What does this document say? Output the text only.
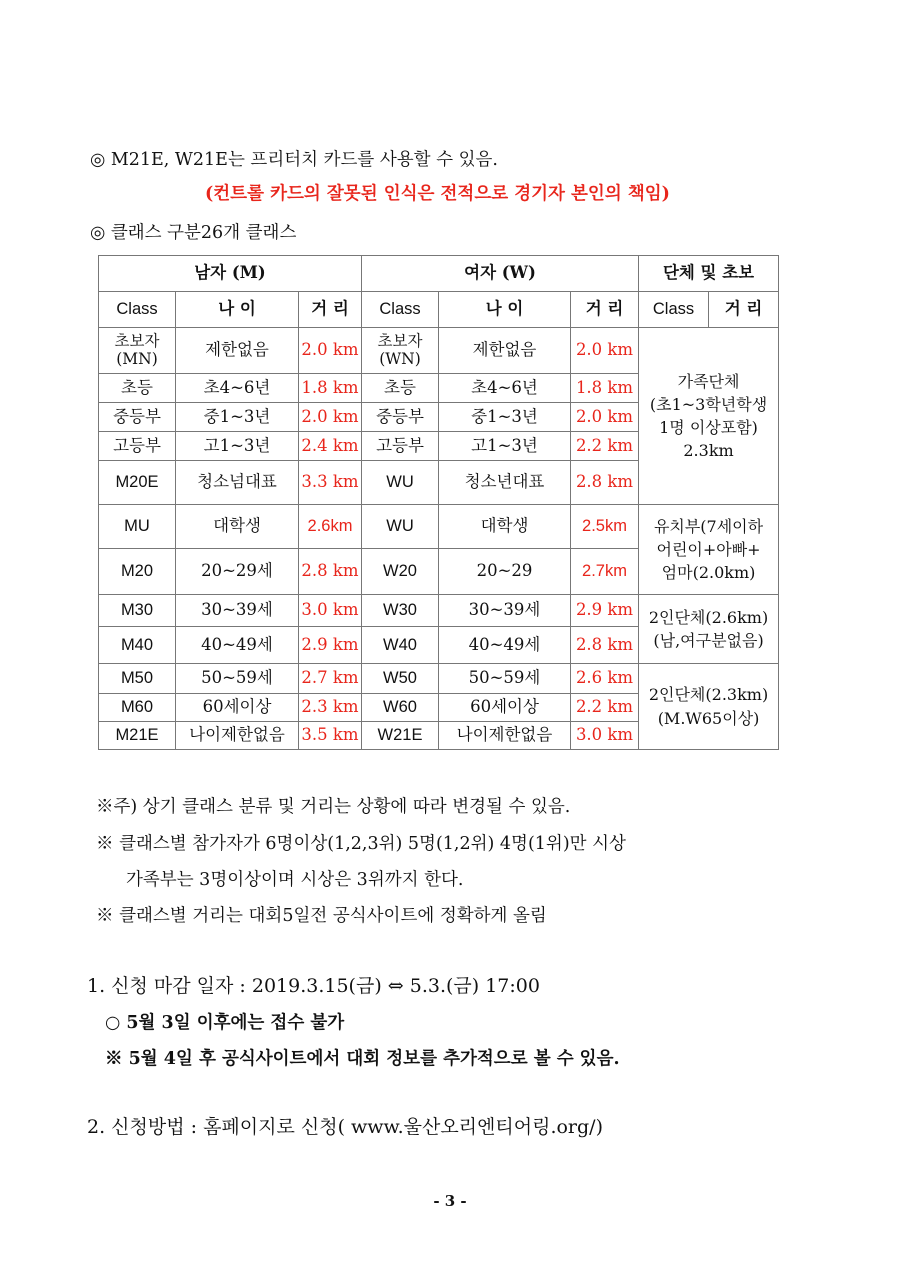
◎ M21E, W21E는 프리터치 카드를 사용할 수 있음.
(컨트롤 카드의 잘못된 인식은 전적으로 경기자 본인의 책임)
◎ 클래스 구분26개 클래스
남자 (M)			여자 (W)			단체 및 초보	
Class	나 이	거 리	Class	나 이	거 리	Class	거 리
초보자(MN)	제한없음	2.0 km	초보자(WN)	제한없음	2.0 km	가족단체
(초1~3학년학생
1명 이상포함)
2.3km	

초등	초4~6년	1.8 km	초등	초4~6년	1.8 km		
중등부	중1~3년	2.0 km	중등부	중1~3년	2.0 km		
고등부	고1~3년	2.4 km	고등부	고1~3년	2.2 km		
M20E	청소넘대표	3.3 km	WU	청소년대표	2.8 km		
MU	대학생	2.6km	WU	대학생	2.5km	유치부(7세이하
어린이+아빠+
엄마(2.0km)	

M20	20~29세	2.8 km	W20	20~29	2.7km		
M30	30~39세	3.0 km	W30	30~39세	2.9 km	2인단체(2.6km)
(남,여구분없음)	

M40	40~49세	2.9 km	W40	40~49세	2.8 km		
M50	50~59세	2.7 km	W50	50~59세	2.6 km	2인단체(2.3km)
(M.W65이상)	

M60	60세이상	2.3 km	W60	60세이상	2.2 km		
M21E	나이제한없음	3.5 km	W21E	나이제한없음	3.0 km		
※주) 상기 클래스 분류 및 거리는 상황에 따라 변경될 수 있음.
※ 클래스별 참가자가 6명이상(1,2,3위) 5명(1,2위) 4명(1위)만 시상
가족부는 3명이상이며 시상은 3위까지 한다.
※ 클래스별 거리는 대회5일전 공식사이트에 정확하게 올림
1. 신청 마감 일자 : 2019.3.15(금) ⇔ 5.3.(금) 17:00
○ 5월 3일 이후에는 접수 불가
※ 5월 4일 후 공식사이트에서 대회 정보를 추가적으로 볼 수 있음.
2. 신청방법 : 홈페이지로 신청( www.울산오리엔티어링.org/)
- 3 -
